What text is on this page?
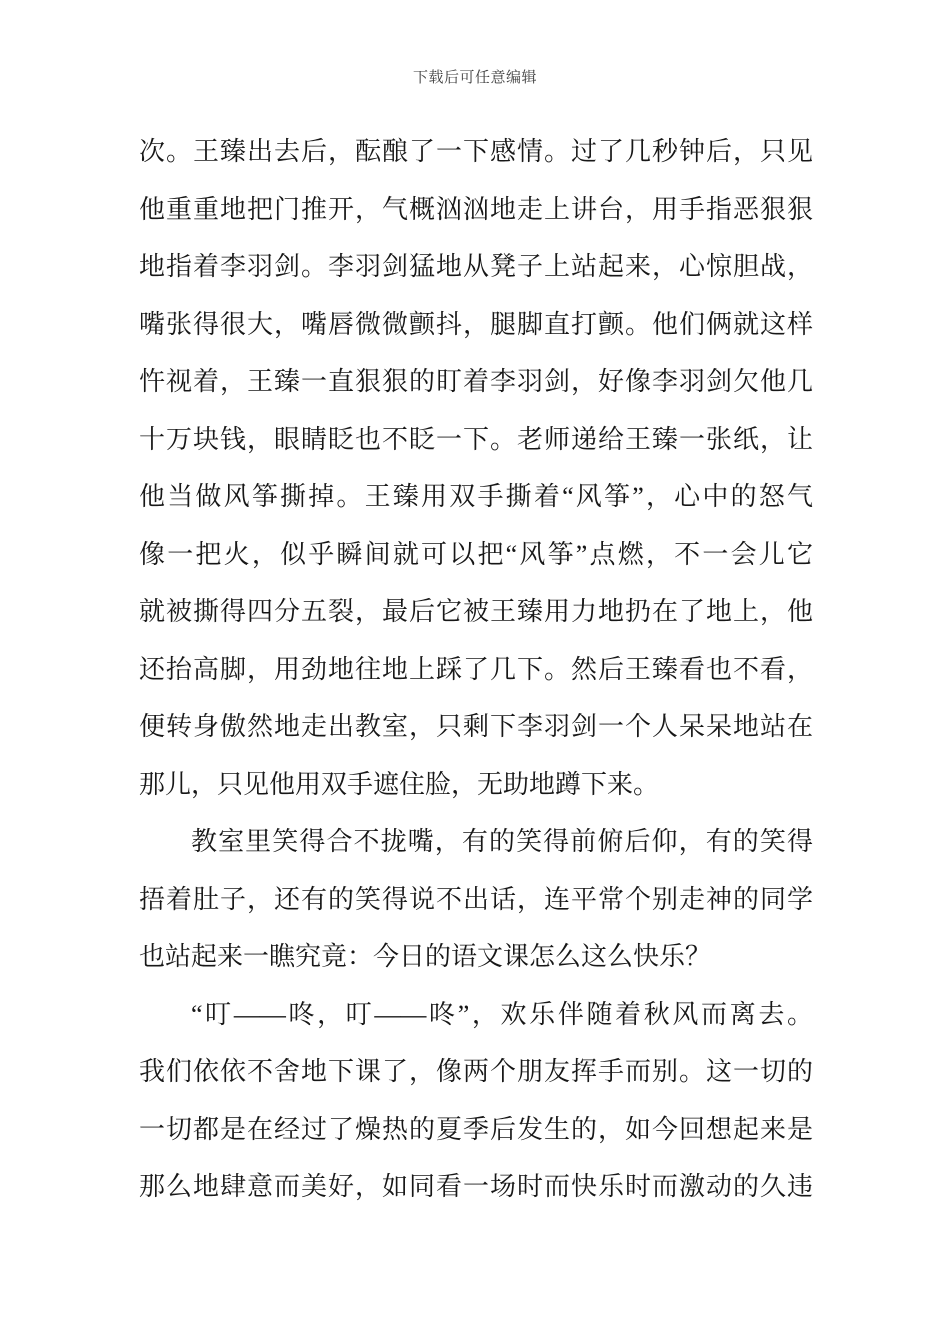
下载后可任意编辑
次。王臻出去后，酝酿了一下感情。过了几秒钟后，只见
他重重地把门推开，气概汹汹地走上讲台，用手指恶狠狠
地指着李羽剑。李羽剑猛地从凳子上站起来，心惊胆战，
嘴张得很大，嘴唇微微颤抖，腿脚直打颤。他们俩就这样
忤视着，王臻一直狠狠的盯着李羽剑，好像李羽剑欠他几
十万块钱，眼睛眨也不眨一下。老师递给王臻一张纸，让
他当做风筝撕掉。王臻用双手撕着“风筝”，心中的怒气
像一把火，似乎瞬间就可以把“风筝”点燃，不一会儿它
就被撕得四分五裂，最后它被王臻用力地扔在了地上，他
还抬高脚，用劲地往地上踩了几下。然后王臻看也不看，
便转身傲然地走出教室，只剩下李羽剑一个人呆呆地站在
那儿，只见他用双手遮住脸，无助地蹲下来。
教室里笑得合不拢嘴，有的笑得前俯后仰，有的笑得
捂着肚子，还有的笑得说不出话，连平常个别走神的同学
也站起来一瞧究竟：今日的语文课怎么这么快乐？
“叮——咚，叮——咚”，欢乐伴随着秋风而离去。
我们依依不舍地下课了，像两个朋友挥手而别。这一切的
一切都是在经过了燥热的夏季后发生的，如今回想起来是
那么地肆意而美好，如同看一场时而快乐时而激动的久违
